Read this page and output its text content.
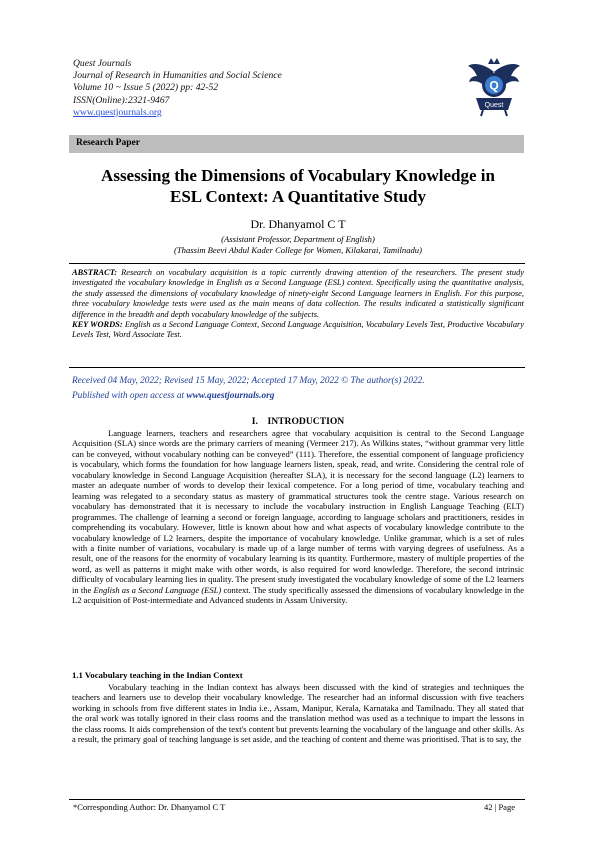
Quest Journals
Journal of Research in Humanities and Social Science
Volume 10 ~ Issue 5 (2022) pp: 42-52
ISSN(Online):2321-9467
www.questjournals.org
Q
Quest
Research Paper
Assessing the Dimensions of Vocabulary Knowledge in
ESL Context: A Quantitative Study
Dr. Dhanyamol C T
(Assistant Professor, Department of English)
(Thassim Beevi Abdul Kader College for Women, Kilakarai, Tamilnadu)
ABSTRACT: Research on vocabulary acquisition is a topic currently drawing attention of the researchers. The present study investigated the vocabulary knowledge in English as a Second Language (ESL) context. Specifically using the quantitative analysis, the study assessed the dimensions of vocabulary knowledge of ninety-eight Second Language learners in English. For this purpose, three vocabulary knowledge tests were used as the main means of data collection. The results indicated a statistically significant difference in the breadth and depth vocabulary knowledge of the subjects.
KEY WORDS: English as a Second Language Context, Second Language Acquisition, Vocabulary Levels Test, Productive Vocabulary Levels Test, Word Associate Test.
Received 04 May, 2022; Revised 15 May, 2022; Accepted 17 May, 2022 © The author(s) 2022.
Published with open access at www.questjournals.org
I.    INTRODUCTION
Language learners, teachers and researchers agree that vocabulary acquisition is central to the Second Language Acquisition (SLA) since words are the primary carriers of meaning (Vermeer 217). As Wilkins states, “without grammar very little can be conveyed, without vocabulary nothing can be conveyed” (111). Therefore, the essential component of language proficiency is vocabulary, which forms the foundation for how language learners listen, speak, read, and write. Considering the central role of vocabulary knowledge in Second Language Acquisition (hereafter SLA), it is necessary for the second language (L2) learners to master an adequate number of words to develop their lexical competence. For a long period of time, vocabulary teaching and learning was relegated to a secondary status as mastery of grammatical structures took the centre stage. Various research on vocabulary has demonstrated that it is necessary to include the vocabulary instruction in English Language Teaching (ELT) programmes. The challenge of learning a second or foreign language, according to language scholars and practitioners, resides in comprehending its vocabulary. However, little is known about how and what aspects of vocabulary knowledge contribute to the vocabulary knowledge of L2 learners, despite the importance of vocabulary knowledge. Unlike grammar, which is a set of rules with a finite number of variations, vocabulary is made up of a large number of terms with varying degrees of usefulness. As a result, one of the reasons for the enormity of vocabulary learning is its quantity. Furthermore, mastery of multiple properties of the word, as well as patterns it might make with other words, is also required for word knowledge. Therefore, the second intrinsic difficulty of vocabulary learning lies in quality. The present study investigated the vocabulary knowledge of some of the L2 learners in the English as a Second Language (ESL) context. The study specifically assessed the dimensions of vocabulary knowledge in the L2 acquisition of Post-intermediate and Advanced students in Assam University.
1.1 Vocabulary teaching in the Indian Context
Vocabulary teaching in the Indian context has always been discussed with the kind of strategies and techniques the teachers and learners use to develop their vocabulary knowledge. The researcher had an informal discussion with five teachers working in schools from five different states in India i.e., Assam, Manipur, Kerala, Karnataka and Tamilnadu. They all stated that the oral work was totally ignored in their class rooms and the translation method was used as a technique to impart the lessons in the class rooms. It aids comprehension of the text's content but prevents learning the vocabulary of the language and other skills. As a result, the primary goal of teaching language is set aside, and the teaching of content and theme was prioritised. That is to say, the
*Corresponding Author: Dr. Dhanyamol C T	42 | Page
